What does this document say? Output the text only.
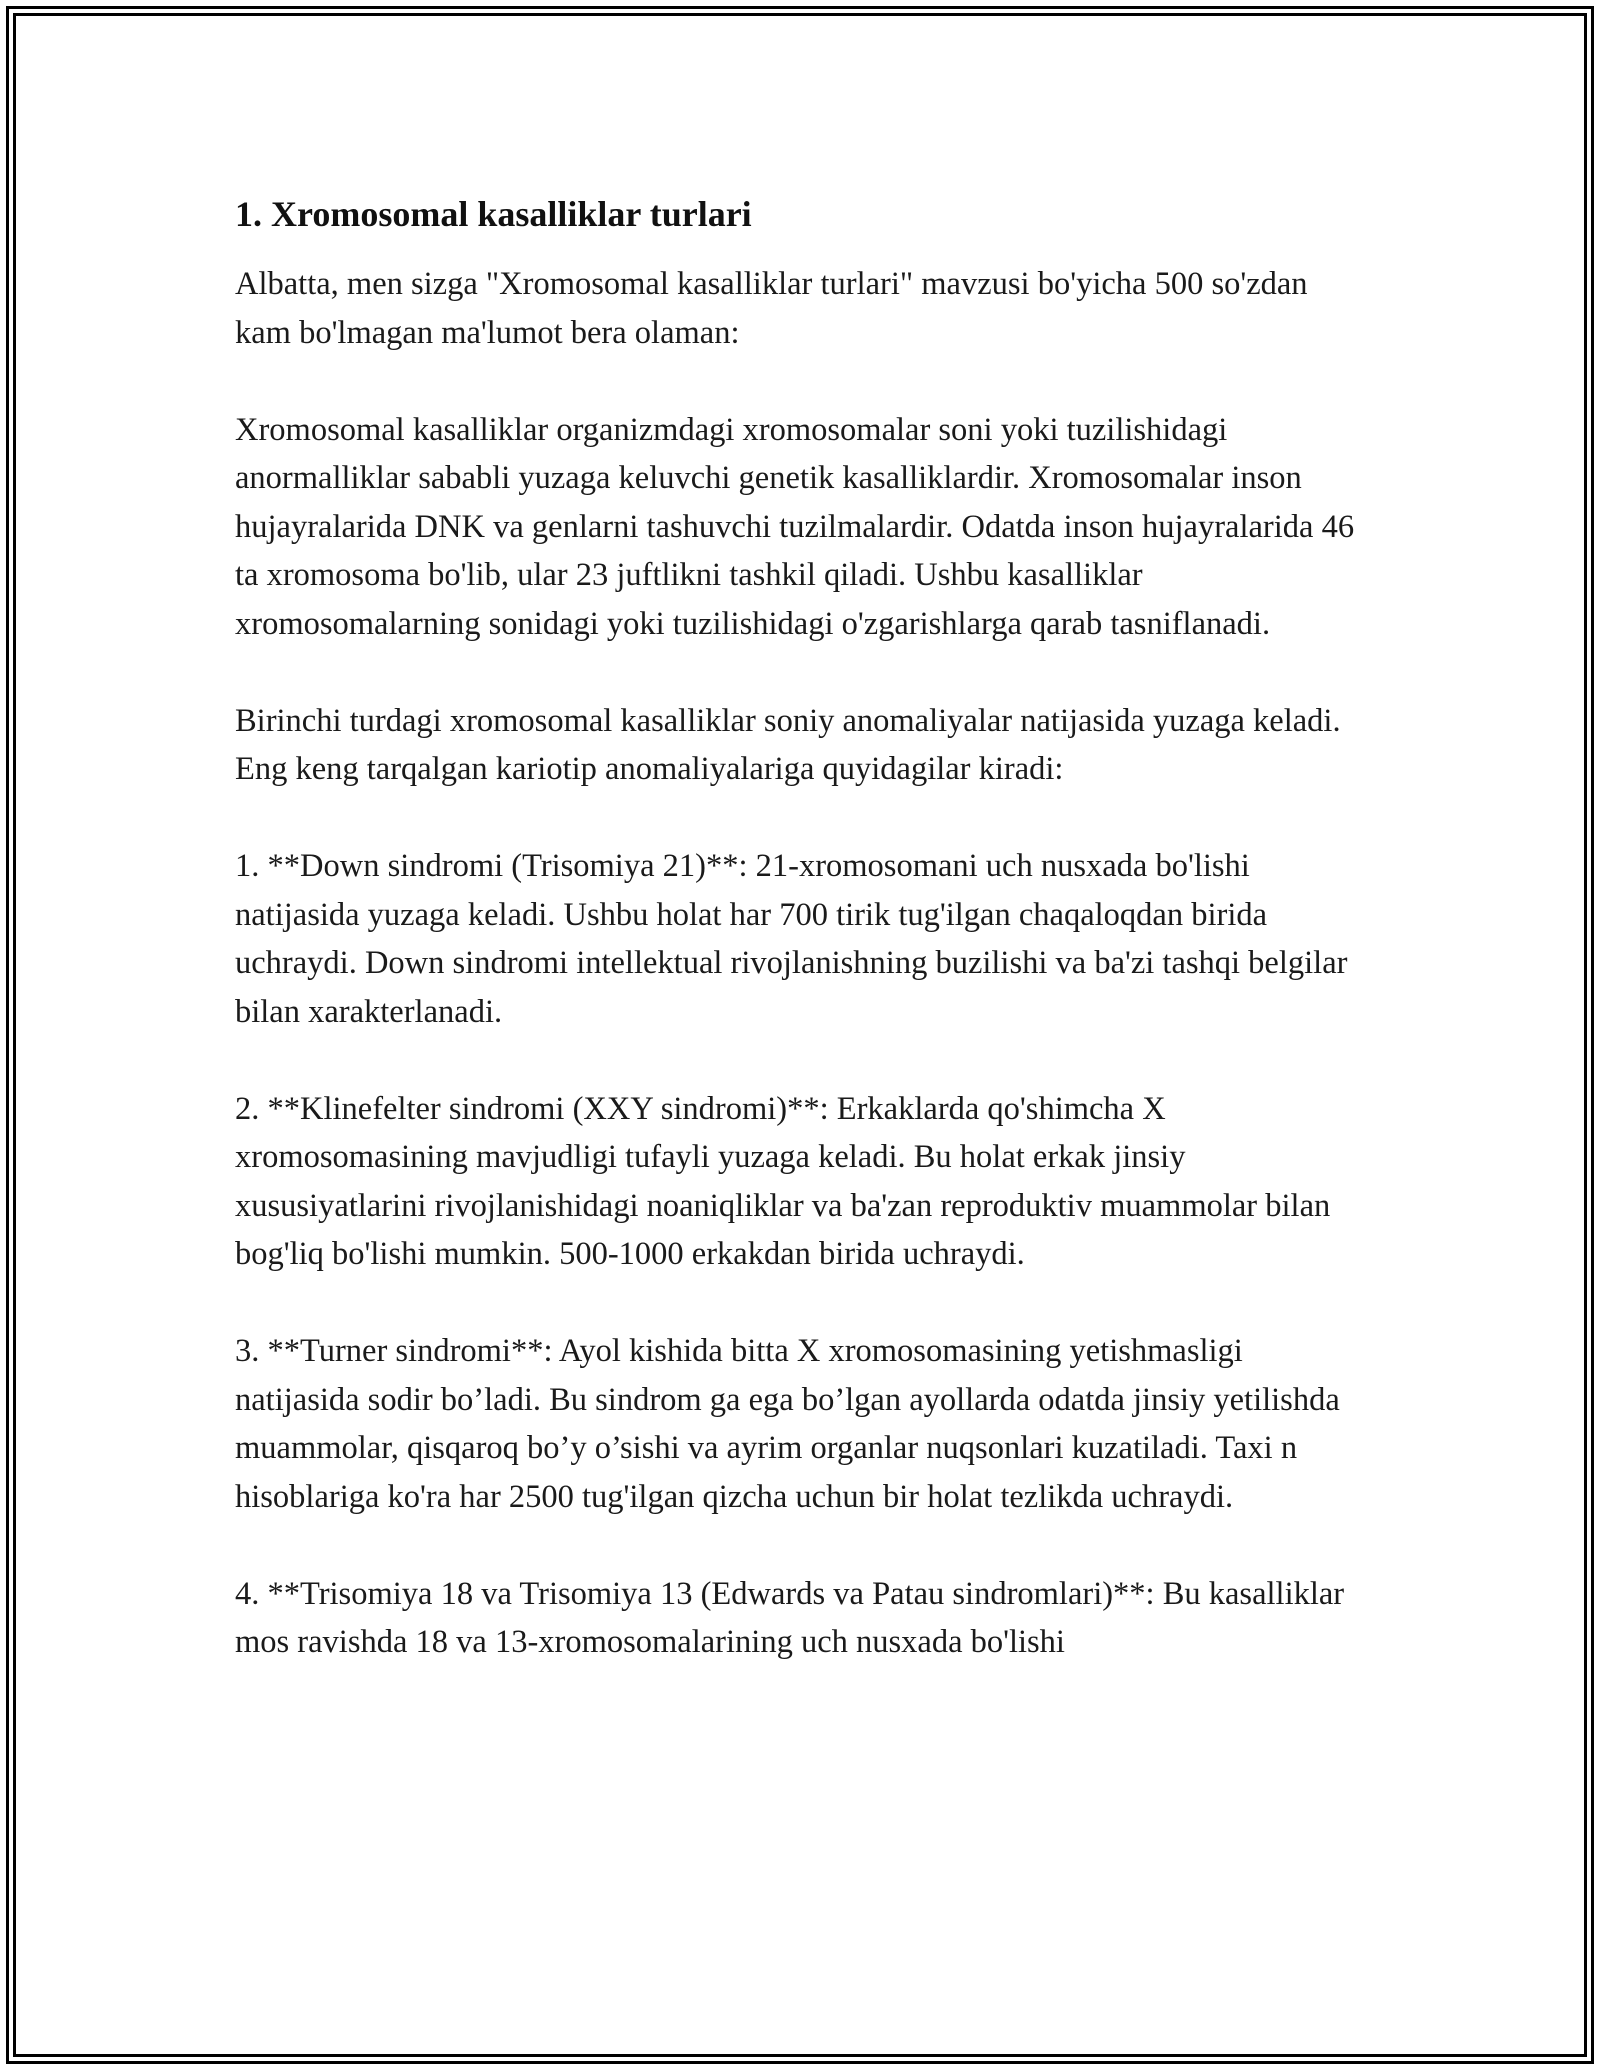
1. Xromosomal kasalliklar turlari

Albatta, men sizga "Xromosomal kasalliklar turlari" mavzusi bo'yicha 500 so'zdan kam bo'lmagan ma'lumot bera olaman:

Xromosomal kasalliklar organizmdagi xromosomalar soni yoki tuzilishidagi anormalliklar sababli yuzaga keluvchi genetik kasalliklardir. Xromosomalar inson hujayralarida DNK va genlarni tashuvchi tuzilmalardir. Odatda inson hujayralarida 46 ta xromosoma bo'lib, ular 23 juftlikni tashkil qiladi. Ushbu kasalliklar xromosomalarning sonidagi yoki tuzilishidagi o'zgarishlarga qarab tasniflanadi.

Birinchi turdagi xromosomal kasalliklar soniy anomaliyalar natijasida yuzaga keladi. Eng keng tarqalgan kariotip anomaliyalariga quyidagilar kiradi:

1. **Down sindromi (Trisomiya 21)**: 21-xromosomani uch nusxada bo'lishi natijasida yuzaga keladi. Ushbu holat har 700 tirik tug'ilgan chaqaloqdan birida uchraydi. Down sindromi intellektual rivojlanishning buzilishi va ba'zi tashqi belgilar bilan xarakterlanadi.

2. **Klinefelter sindromi (XXY sindromi)**: Erkaklarda qo'shimcha X xromosomasining mavjudligi tufayli yuzaga keladi. Bu holat erkak jinsiy xususiyatlarini rivojlanishidagi noaniqliklar va ba'zan reproduktiv muammolar bilan bog'liq bo'lishi mumkin. 500-1000 erkakdan birida uchraydi.

3. **Turner sindromi**: Ayol kishida bitta X xromosomasining yetishmasligi natijasida sodir bo’ladi. Bu sindrom ga ega bo’lgan ayollarda odatda jinsiy yetilishda muammolar, qisqaroq bo’y o’sishi va ayrim organlar nuqsonlari kuzatiladi. Taxi n hisoblariga ko'ra har 2500 tug'ilgan qizcha uchun bir holat tezlikda uchraydi.

4. **Trisomiya 18 va Trisomiya 13 (Edwards va Patau sindromlari)**: Bu kasalliklar mos ravishda 18 va 13-xromosomalarining uch nusxada bo'lishi
